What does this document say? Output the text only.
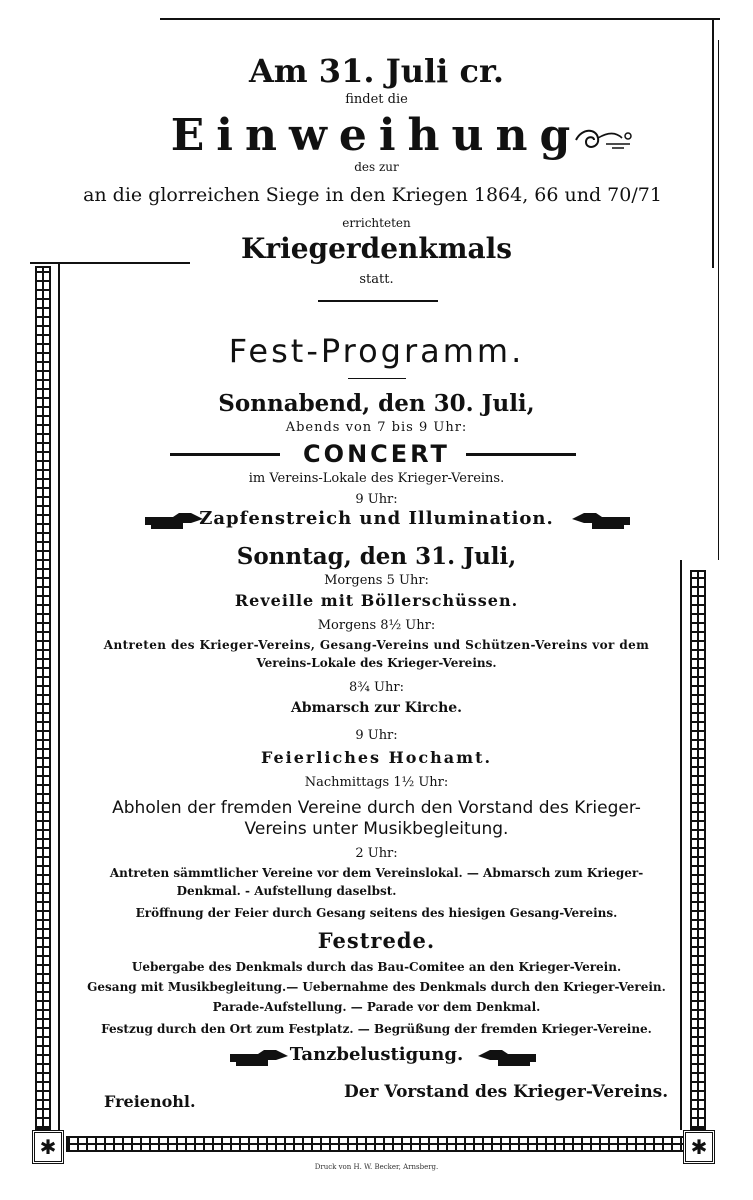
✱	✱
Am 31. Juli cr.
findet die
Einweihung
des zur
an die glorreichen Siege in den Kriegen 1864, 66 und 70/71
errichteten
Kriegerdenkmals
statt.
Fest-Programm.
Sonnabend, den 30. Juli,
Abends von 7 bis 9 Uhr:
CONCERT
im Vereins-Lokale des Krieger-Vereins.
9 Uhr:
Zapfenstreich und Illumination.
Sonntag, den 31. Juli,
Morgens 5 Uhr:
Reveille mit Böllerschüssen.
Morgens 8½ Uhr:
Antreten des Krieger-Vereins, Gesang-Vereins und Schützen-Vereins vor dem
Vereins-Lokale des Krieger-Vereins.
8¾ Uhr:
Abmarsch zur Kirche.
9 Uhr:
Feierliches Hochamt.
Nachmittags 1½ Uhr:
Abholen der fremden Vereine durch den Vorstand des Krieger-
Vereins unter Musikbegleitung.
2 Uhr:
Antreten sämmtlicher Vereine vor dem Vereinslokal. — Abmarsch zum Krieger-
Denkmal. - Aufstellung daselbst.
Eröffnung der Feier durch Gesang seitens des hiesigen Gesang-Vereins.
Festrede.
Uebergabe des Denkmals durch das Bau-Comitee an den Krieger-Verein.
Gesang mit Musikbegleitung.— Uebernahme des Denkmals durch den Krieger-Verein.
Parade-Aufstellung. — Parade vor dem Denkmal.
Festzug durch den Ort zum Festplatz. — Begrüßung der fremden Krieger-Vereine.
Tanzbelustigung.
Freienohl.	Der Vorstand des Krieger-Vereins.
Druck von H. W. Becker, Arnsberg.
